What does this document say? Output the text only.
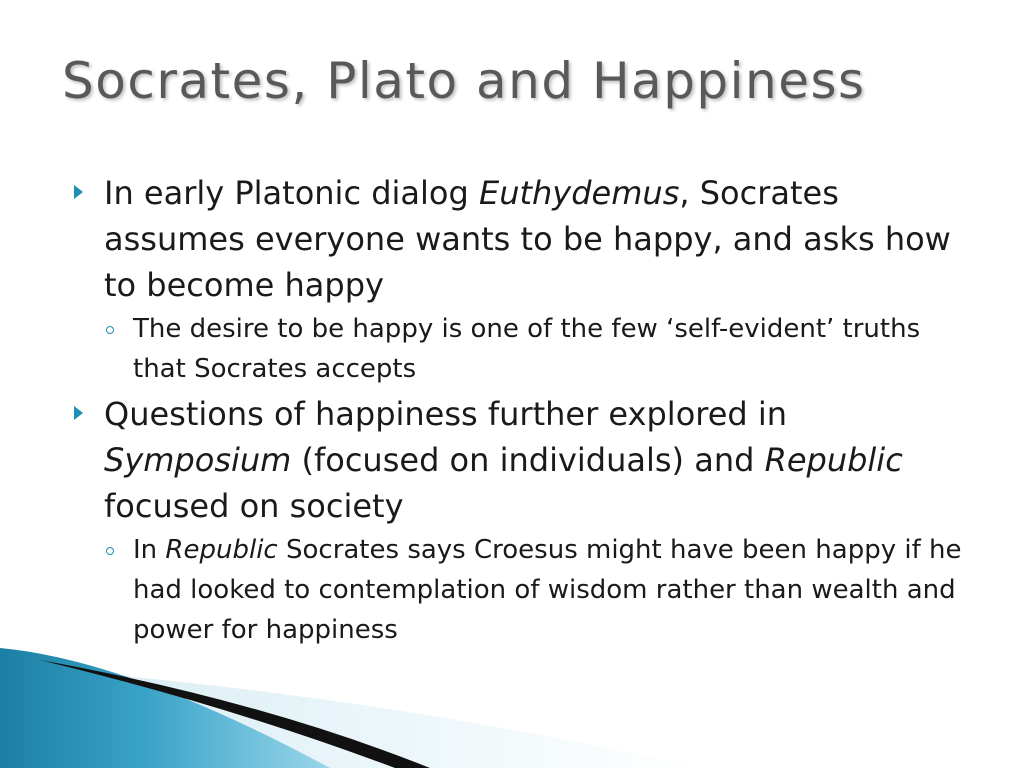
Socrates, Plato and Happiness
In early Platonic dialog Euthydemus, Socrates assumes everyone wants to be happy, and asks how to become happy
The desire to be happy is one of the few ‘self-evident’ truths that Socrates accepts
Questions of happiness further explored in Symposium (focused on individuals) and Republic focused on society
In Republic Socrates says Croesus might have been happy if he had looked to contemplation of wisdom rather than wealth and power for happiness
